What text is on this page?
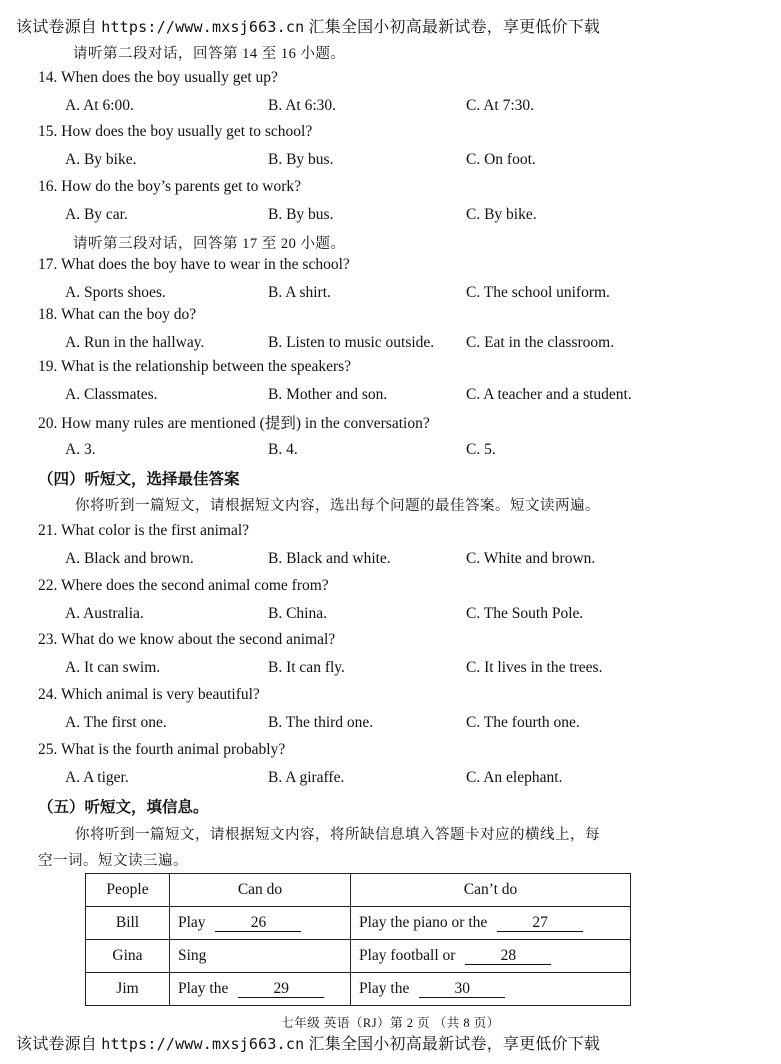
该试卷源自 https://www.mxsj663.cn 汇集全国小初高最新试卷，享更低价下载
请听第二段对话，回答第 14 至 16 小题。
14. When does the boy usually get up?
A. At 6:00.	B. At 6:30.	C. At 7:30.
15. How does the boy usually get to school?
A. By bike.	B. By bus.	C. On foot.
16. How do the boy’s parents get to work?
A. By car.	B. By bus.	C. By bike.
请听第三段对话，回答第 17 至 20 小题。
17. What does the boy have to wear in the school?
A. Sports shoes.	B. A shirt.	C. The school uniform.
18. What can the boy do?
A. Run in the hallway.	B. Listen to music outside. C. Eat in the classroom.
19. What is the relationship between the speakers?
A. Classmates.	B. Mother and son.	C. A teacher and a student.
20. How many rules are mentioned (提到) in the conversation?
A. 3.	B. 4.	C. 5.
（四）听短文，选择最佳答案
你将听到一篇短文，请根据短文内容，选出每个问题的最佳答案。短文读两遍。
21. What color is the first animal?
A. Black and brown.	B. Black and white.	C. White and brown.
22. Where does the second animal come from?
A. Australia.	B. China.	C. The South Pole.
23. What do we know about the second animal?
A. It can swim.	B. It can fly.	C. It lives in the trees.
24. Which animal is very beautiful?
A. The first one.	B. The third one.	C. The fourth one.
25. What is the fourth animal probably?
A. A tiger.	B. A giraffe.	C. An elephant.
（五）听短文，填信息。
你将听到一篇短文，请根据短文内容，将所缺信息填入答题卡对应的横线上，每
空一词。短文读三遍。
People	Can do	Can’t do
Bill	Play 26	Play the piano or the 27
Gina	Sing	Play football or 28
Jim	Play the 29	Play the 30
七年级 英语（RJ）第 2 页 （共 8 页）
该试卷源自 https://www.mxsj663.cn 汇集全国小初高最新试卷，享更低价下载
